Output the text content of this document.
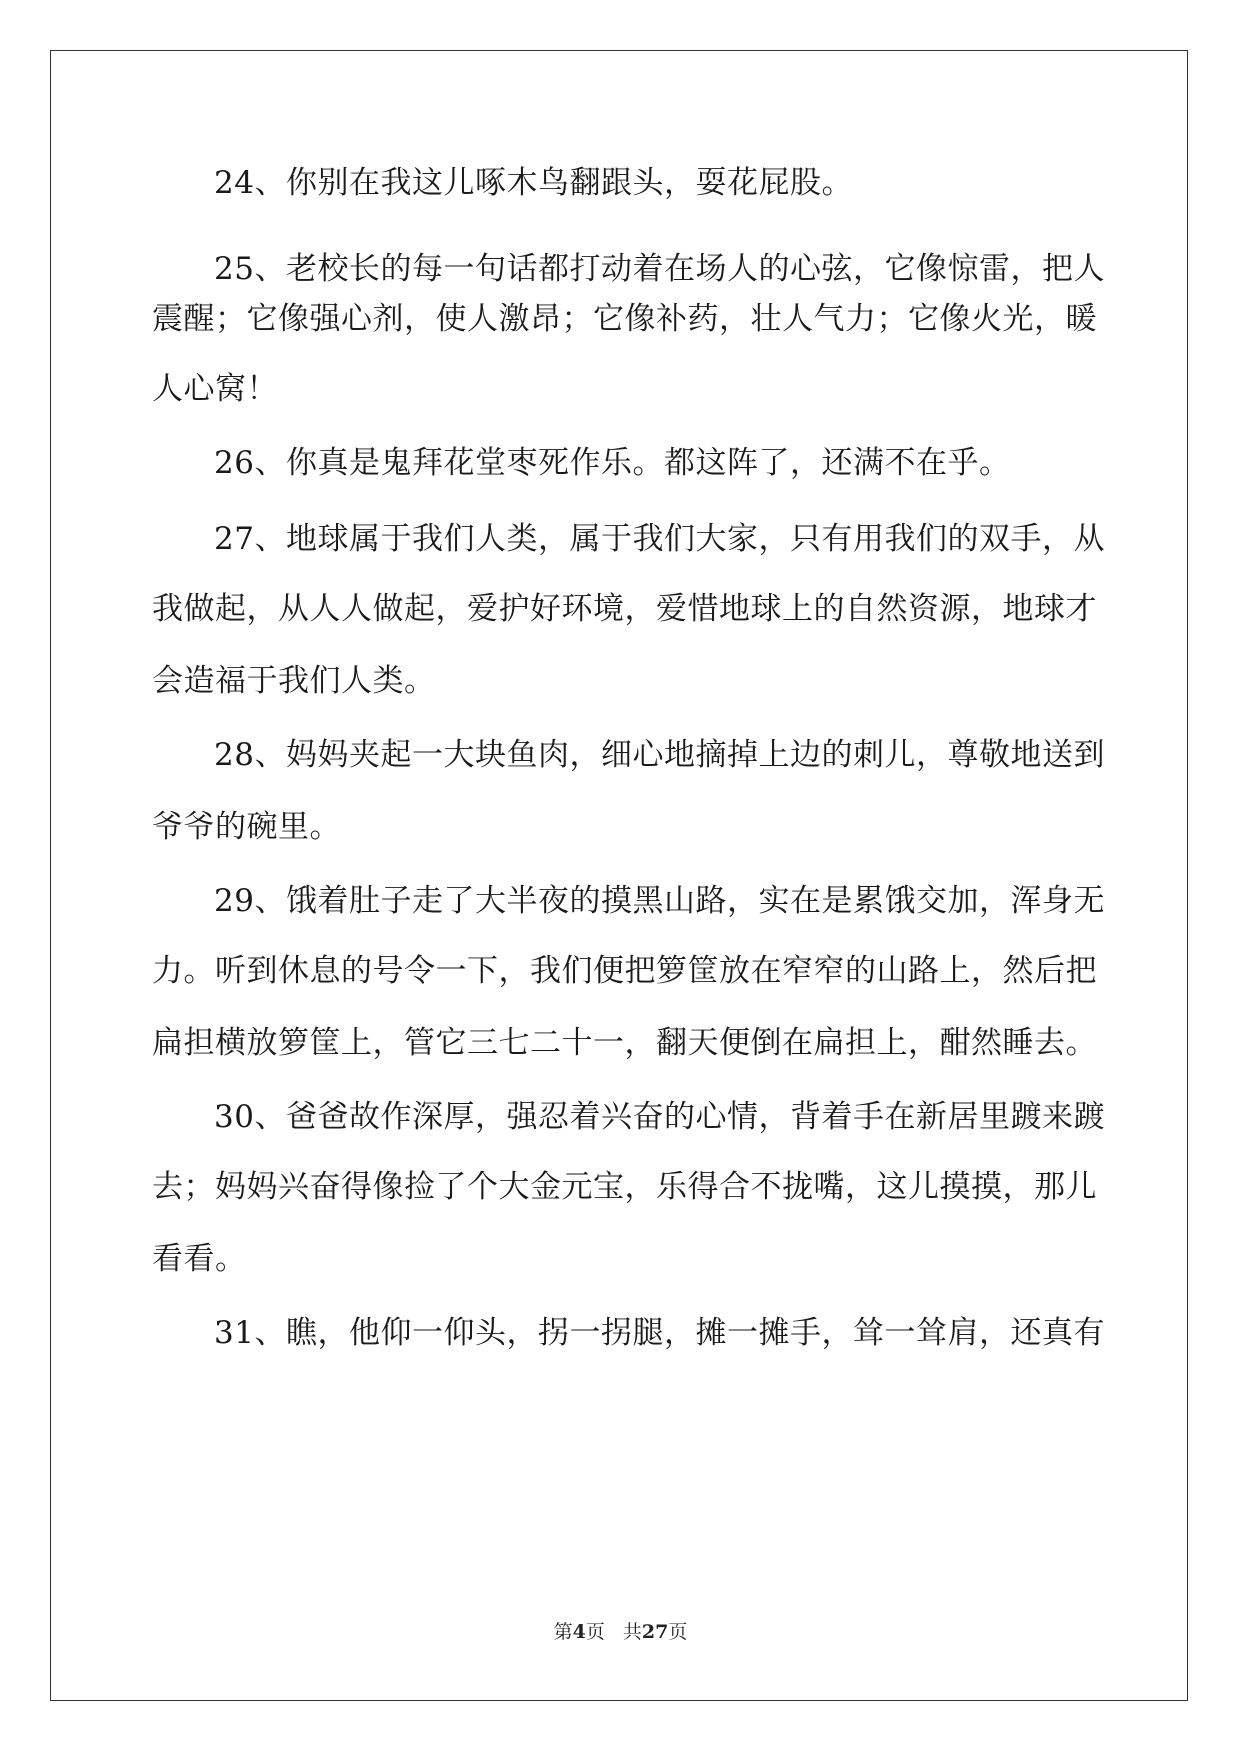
24、你别在我这儿啄木鸟翻跟头，耍花屁股。
25、老校长的每一句话都打动着在场人的心弦，它像惊雷，把人
震醒；它像强心剂，使人激昂；它像补药，壮人气力；它像火光，暖
人心窝！
26、你真是鬼拜花堂枣死作乐。都这阵了，还满不在乎。
27、地球属于我们人类，属于我们大家，只有用我们的双手，从
我做起，从人人做起，爱护好环境，爱惜地球上的自然资源，地球才
会造福于我们人类。
28、妈妈夹起一大块鱼肉，细心地摘掉上边的刺儿，尊敬地送到
爷爷的碗里。
29、饿着肚子走了大半夜的摸黑山路，实在是累饿交加，浑身无
力。听到休息的号令一下，我们便把箩筐放在窄窄的山路上，然后把
扁担横放箩筐上，管它三七二十一，翻天便倒在扁担上，酣然睡去。
30、爸爸故作深厚，强忍着兴奋的心情，背着手在新居里踱来踱
去；妈妈兴奋得像捡了个大金元宝，乐得合不拢嘴，这儿摸摸，那儿
看看。
31、瞧，他仰一仰头，拐一拐腿，摊一摊手，耸一耸肩，还真有
第4页 共27页
